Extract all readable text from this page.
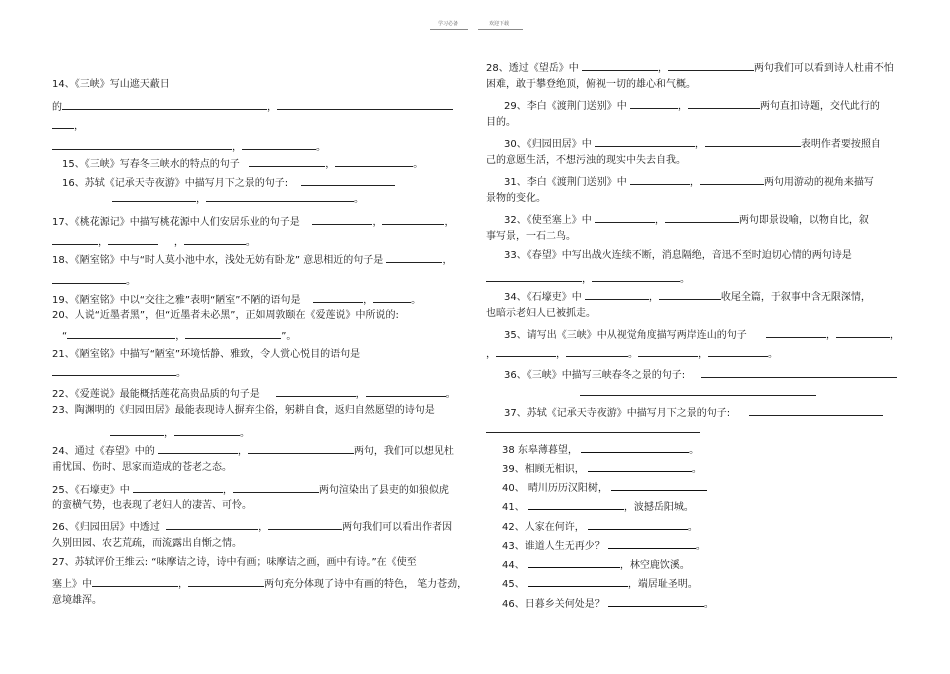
学习必备	欢迎下载
14、《三峡》写山遮天蔽日
的	，
，
，	。
15、《三峡》写春冬三峡水的特点的句子	，	。
16、苏轼《记承天寺夜游》中描写月下之景的句子:
，	。
17、《桃花源记》中描写桃花源中人们安居乐业的句子是	，	，
，	，	。
18、《陋室铭》中与“时人莫小池中水，浅处无妨有卧龙” 意思相近的句子是	，
。
19、《陋室铭》中以“交往之雅”表明“陋室”不陋的语句是	，	。
20、人说“近墨者黑”，但“近墨者未必黑”，正如周敦颐在《爱莲说》中所说的:
“	，	”。
21、《陋室铭》中描写“陋室”环境恬静、雅致，令人赏心悦目的语句是
。
22、《爱莲说》最能概括莲花高贵品质的句子是	，	。
23、陶渊明的《归园田居》最能表现诗人摒弃尘俗，躬耕自食，返归自然愿望的诗句是
，	。
24、通过《春望》中的	，	两句，我们可以想见杜
甫忧国、伤时、思家而造成的苍老之态。
25、《石壕吏》中	，	两句渲染出了县吏的如狼似虎
的蛮横气势，也表现了老妇人的凄苦、可怜。
26、《归园田居》中透过	，	两句我们可以看出作者因
久别田园、农艺荒疏，而流露出自惭之情。
27、苏轼评价王维云: “味摩诘之诗，诗中有画；味摩诘之画，画中有诗。”在《使至
塞上》中	，	两句充分体现了诗中有画的特色， 笔力苍劲，
意境雄浑。
28、透过《望岳》中	，	两句我们可以看到诗人杜甫不怕
困难，敢于攀登绝顶，俯视一切的雄心和气概。
29、李白《渡荆门送别》中	，	两句直扣诗题，交代此行的
目的。
30、《归园田居》中	，	表明作者要按照自
己的意愿生活，不想污浊的现实中失去自我。
31、李白《渡荆门送别》中	，	两句用游动的视角来描写
景物的变化。
32、《使至塞上》中	，	两句即景设喻，以物自比，叙
事写景，一石二鸟。
33、《春望》中写出战火连续不断，消息隔绝，音迅不至时迫切心情的两句诗是
，	。
34、《石壕吏》中	，	收尾全篇，于叙事中含无限深情，
也暗示老妇人已被抓走。
35、请写出《三峡》中从视觉角度描写两岸连山的句子	，	，
，	，	。	，	。
36、《三峡》中描写三峡春冬之景的句子:
37、苏轼《记承天寺夜游》中描写月下之景的句子:
38 东皋薄暮望，	。
39、相顾无相识，	。
40、 晴川历历汉阳树，
41、	，波撼岳阳城。
42、人家在何许，	。
43、谁道人生无再少？	。
44、	，林空鹿饮溪。
45、	，端居耻圣明。
46、日暮乡关何处是？	。
